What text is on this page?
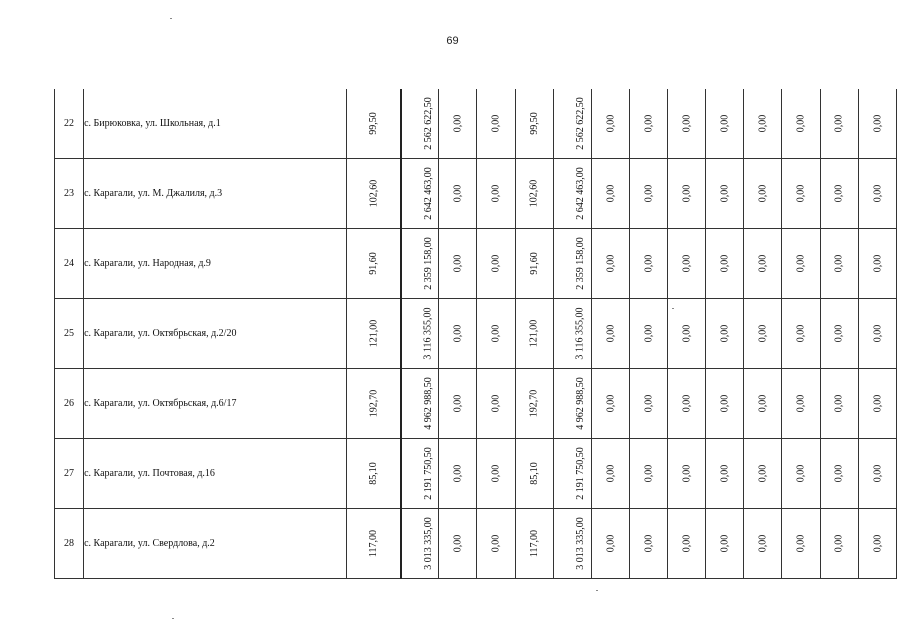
69
22	с. Бирюковка, ул. Школьная, д.1	99,50	2 562 622,50	0,00	0,00	99,50	2 562 622,50	0,00	0,00	0,00	0,00	0,00	0,00	0,00	0,00

23	с. Карагали, ул. М. Джалиля, д.3	102,60	2 642 463,00	0,00	0,00	102,60	2 642 463,00	0,00	0,00	0,00	0,00	0,00	0,00	0,00	0,00

24	с. Карагали, ул. Народная, д.9	91,60	2 359 158,00	0,00	0,00	91,60	2 359 158,00	0,00	0,00	0,00	0,00	0,00	0,00	0,00	0,00

25	с. Карагали, ул. Октябрьская, д.2/20	121,00	3 116 355,00	0,00	0,00	121,00	3 116 355,00	0,00	0,00	0,00	0,00	0,00	0,00	0,00	0,00

26	с. Карагали, ул. Октябрьская, д.6/17	192,70	4 962 988,50	0,00	0,00	192,70	4 962 988,50	0,00	0,00	0,00	0,00	0,00	0,00	0,00	0,00

27	с. Карагали, ул. Почтовая, д.16	85,10	2 191 750,50	0,00	0,00	85,10	2 191 750,50	0,00	0,00	0,00	0,00	0,00	0,00	0,00	0,00

28	с. Карагали, ул. Свердлова, д.2	117,00	3 013 335,00	0,00	0,00	117,00	3 013 335,00	0,00	0,00	0,00	0,00	0,00	0,00	0,00	0,00
